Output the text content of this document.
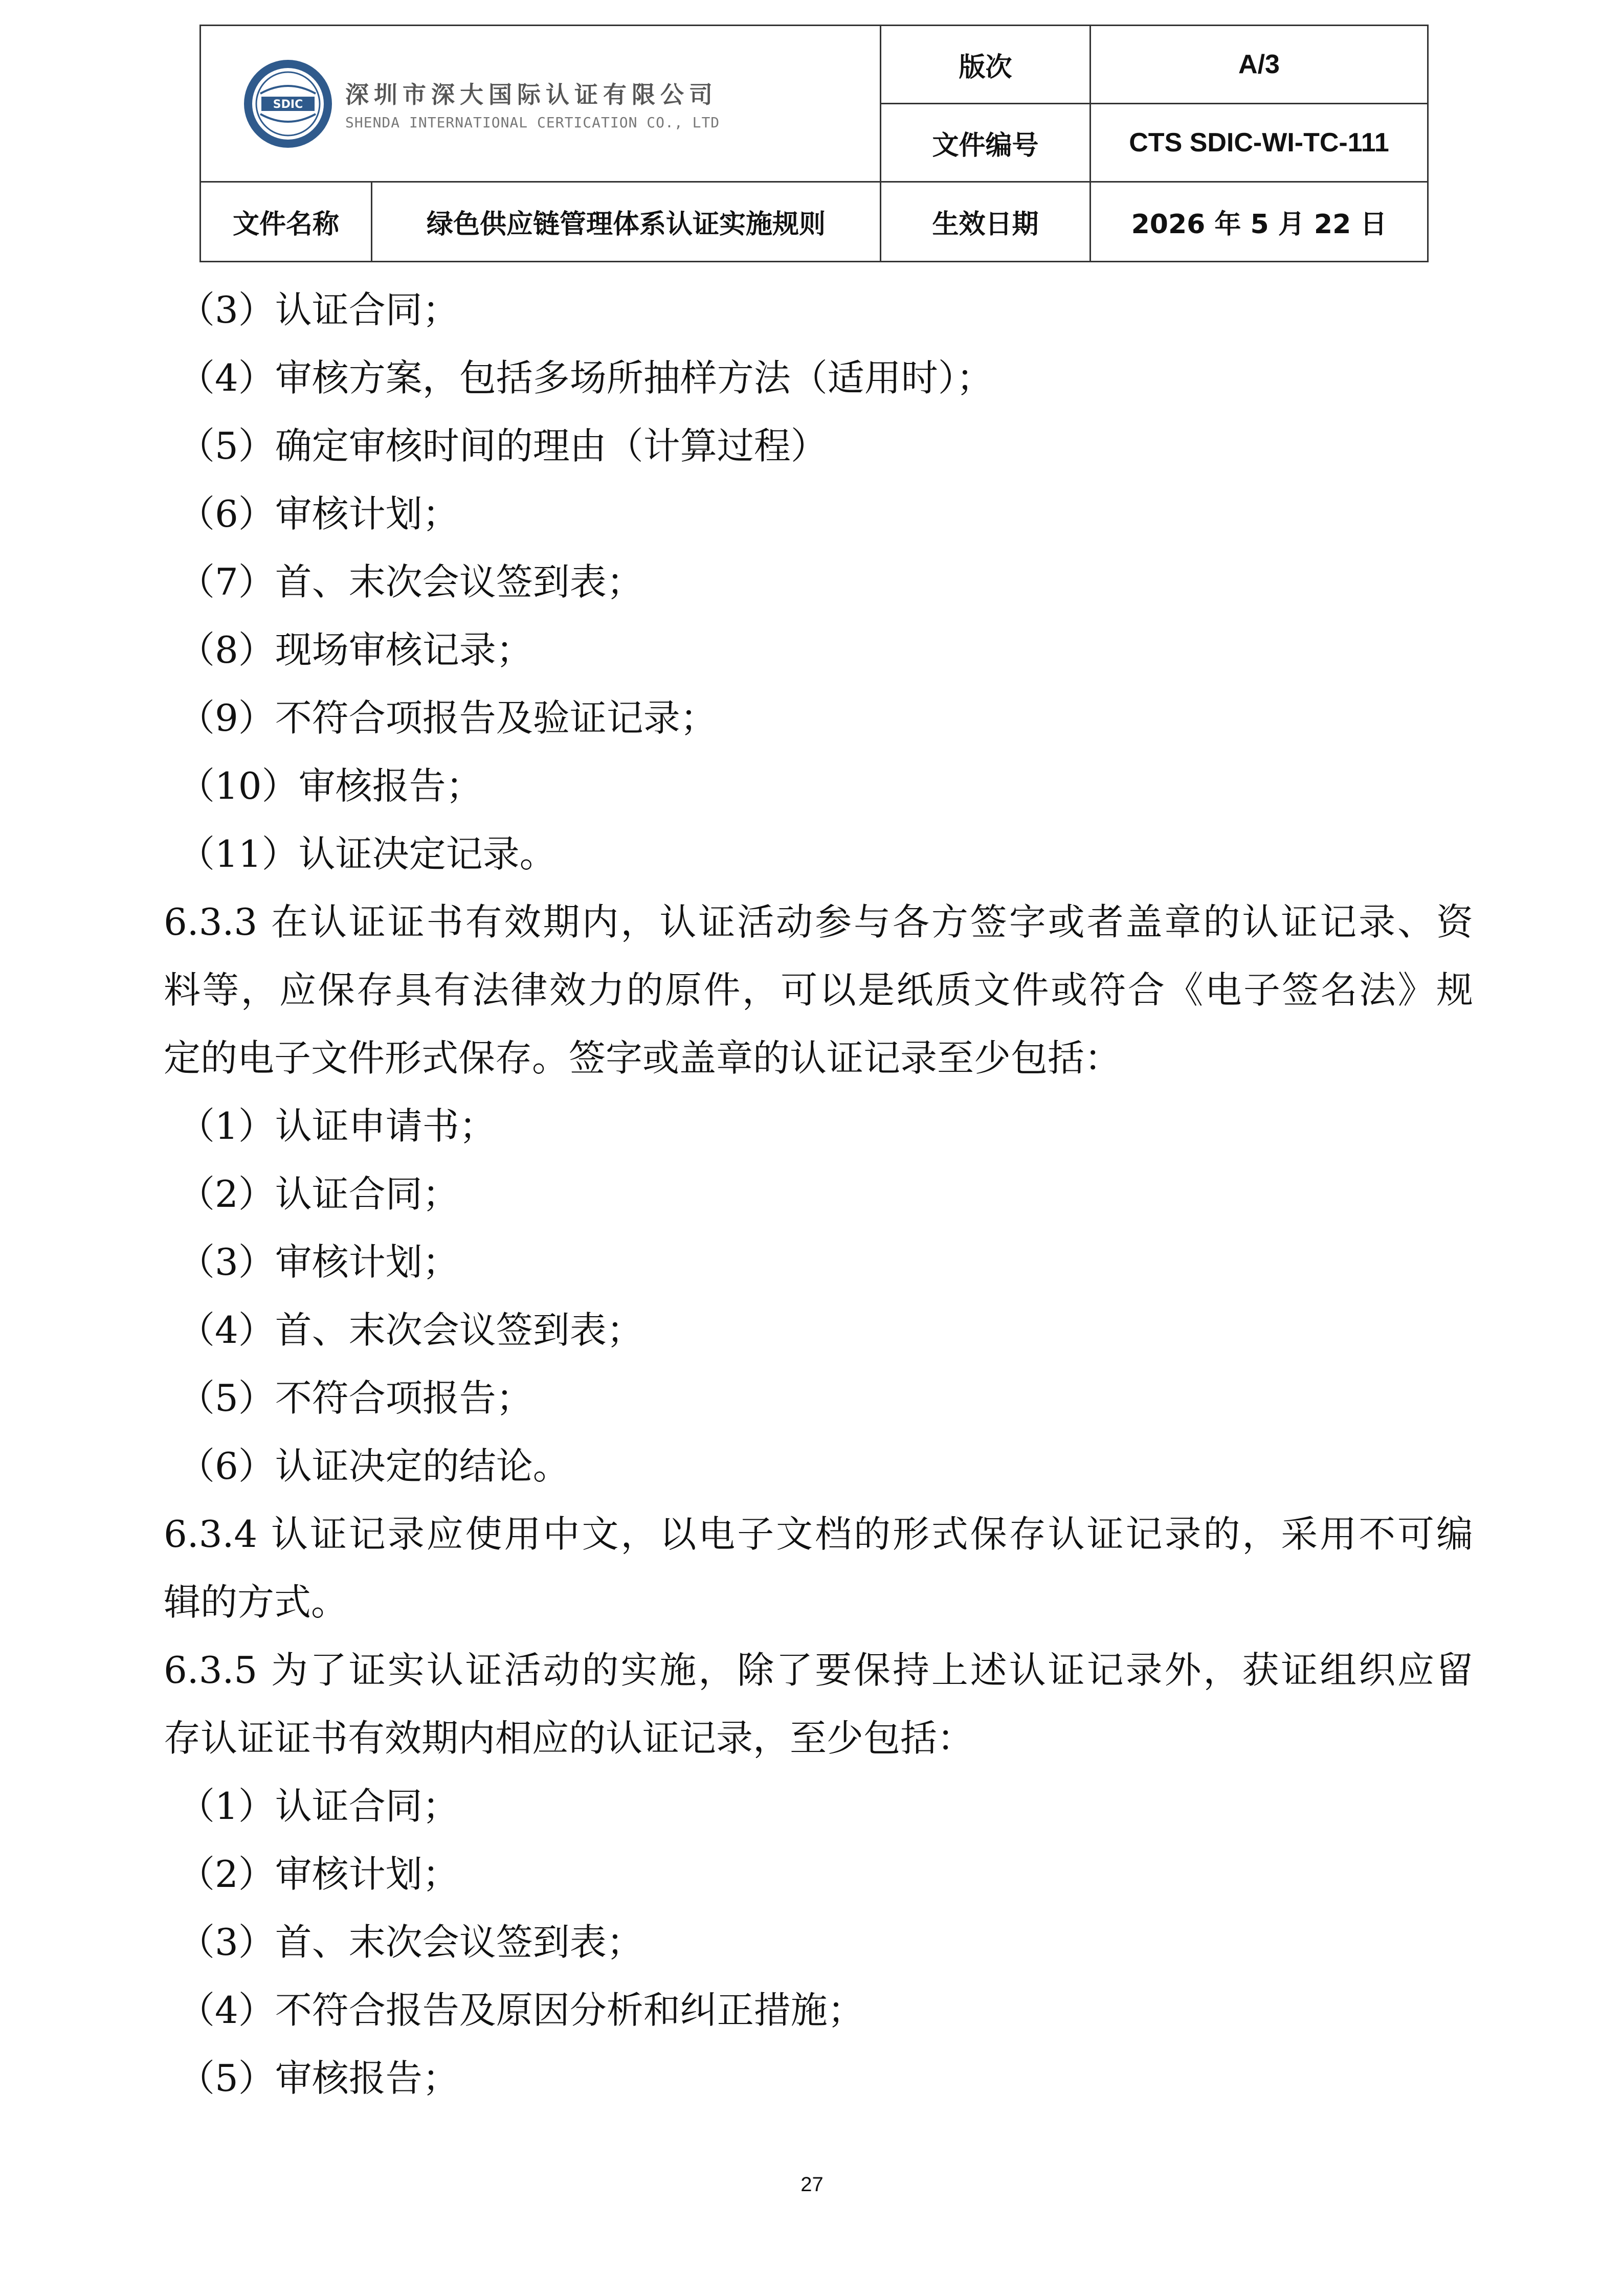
SDIC 深圳市深大国际认证有限公司
SHENDA INTERNATIONAL CERTICATION CO., LTD		版次	A/3
		文件编号	CTS SDIC-WI-TC-111
文件名称	绿色供应链管理体系认证实施规则	生效日期	2026 年 5 月 22 日
（3）认证合同；
（4）审核方案，包括多场所抽样方法（适用时）；
（5）确定审核时间的理由（计算过程）
（6）审核计划；
（7）首、末次会议签到表；
（8）现场审核记录；
（9）不符合项报告及验证记录；
（10）审核报告；
（11）认证决定记录。
6.3.3 在认证证书有效期内，认证活动参与各方签字或者盖章的认证记录、资
料等，应保存具有法律效力的原件，可以是纸质文件或符合《电子签名法》规
定的电子文件形式保存。签字或盖章的认证记录至少包括：
（1）认证申请书；
（2）认证合同；
（3）审核计划；
（4）首、末次会议签到表；
（5）不符合项报告；
（6）认证决定的结论。
6.3.4 认证记录应使用中文，以电子文档的形式保存认证记录的，采用不可编
辑的方式。
6.3.5 为了证实认证活动的实施，除了要保持上述认证记录外，获证组织应留
存认证证书有效期内相应的认证记录，至少包括：
（1）认证合同；
（2）审核计划；
（3）首、末次会议签到表；
（4）不符合报告及原因分析和纠正措施；
（5）审核报告；
27
